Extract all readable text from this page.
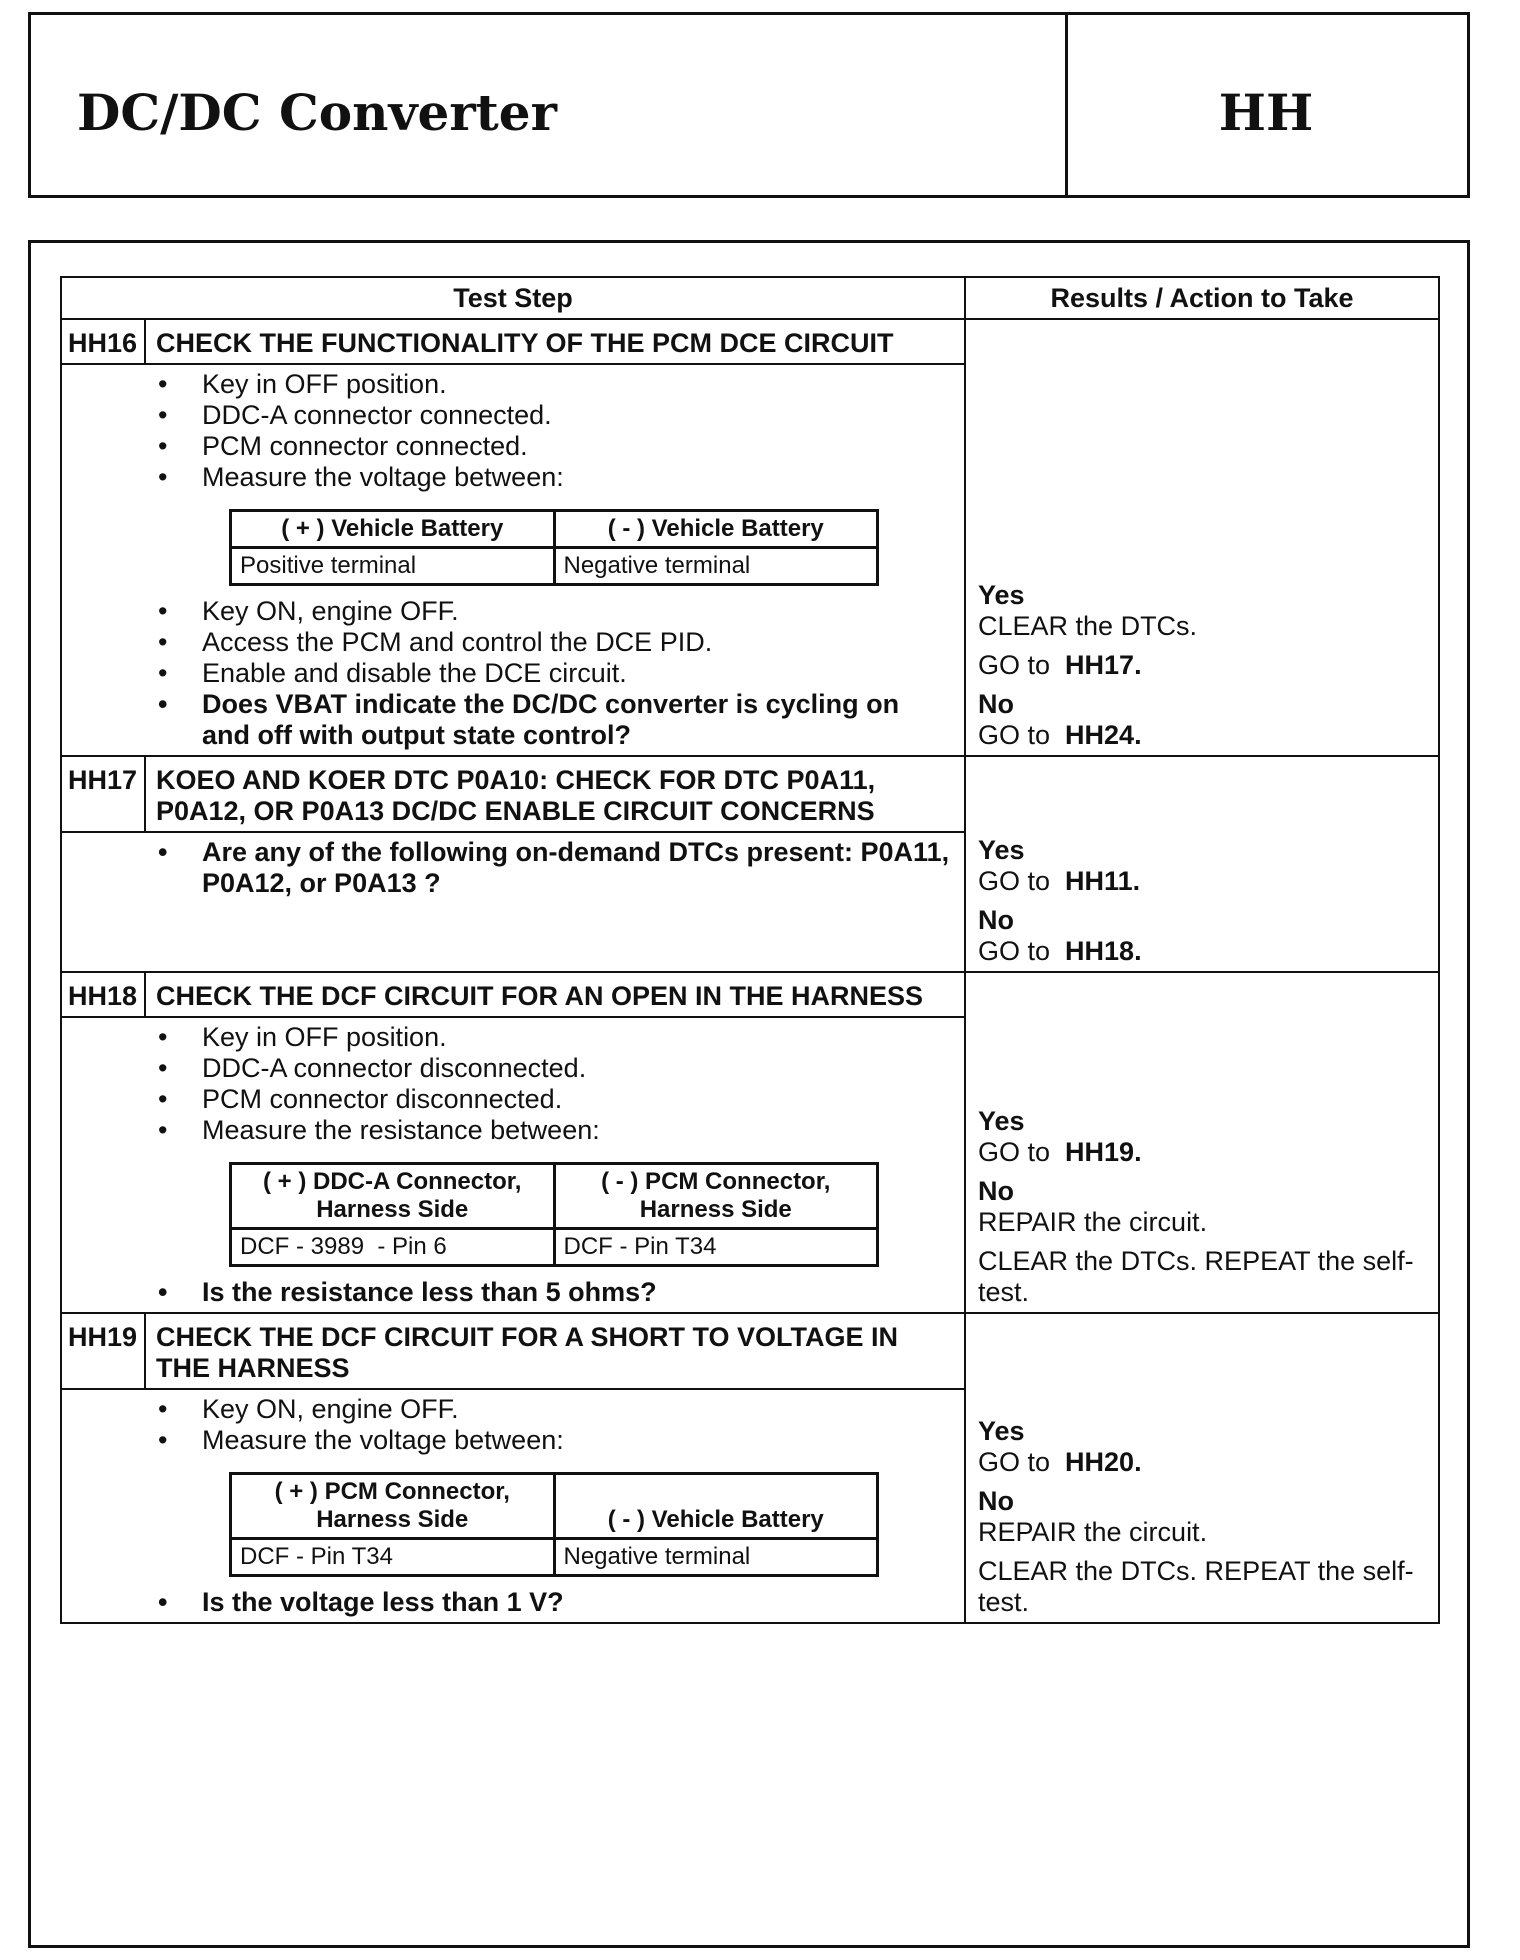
DC/DC Converter	HH
Test Step	Results / Action to Take
HH16	CHECK THE FUNCTIONALITY OF THE PCM DCE CIRCUIT	
Yes
CLEAR the DTCs.
GO to HH17.
No
GO to HH24.

• Key in OFF position.
• DDC-A connector connected.
• PCM connector connected.
• Measure the voltage between:
( + ) Vehicle Battery	( - ) Vehicle Battery
Positive terminal	Negative terminal
• Key ON, engine OFF.
• Access the PCM and control the DCE PID.
• Enable and disable the DCE circuit.
• Does VBAT indicate the DC/DC converter is cycling on and off with output state control?

HH17	KOEO AND KOER DTC P0A10: CHECK FOR DTC P0A11, P0A12, OR P0A13 DC/DC ENABLE CIRCUIT CONCERNS	
Yes
GO to HH11.
No
GO to HH18.

• Are any of the following on-demand DTCs present: P0A11, P0A12, or P0A13 ?

HH18	CHECK THE DCF CIRCUIT FOR AN OPEN IN THE HARNESS	
Yes
GO to HH19.
No
REPAIR the circuit.
CLEAR the DTCs. REPEAT the self-test.

• Key in OFF position.
• DDC-A connector disconnected.
• PCM connector disconnected.
• Measure the resistance between:
( + ) DDC-A Connector, Harness Side	( - ) PCM Connector, Harness Side
DCF - 3989  - Pin 6	DCF - Pin T34
• Is the resistance less than 5 ohms?

HH19	CHECK THE DCF CIRCUIT FOR A SHORT TO VOLTAGE IN THE HARNESS	
Yes
GO to HH20.
No
REPAIR the circuit.
CLEAR the DTCs. REPEAT the self-test.

• Key ON, engine OFF.
• Measure the voltage between:
( + ) PCM Connector, Harness Side	( - ) Vehicle Battery
DCF - Pin T34	Negative terminal
• Is the voltage less than 1 V?
